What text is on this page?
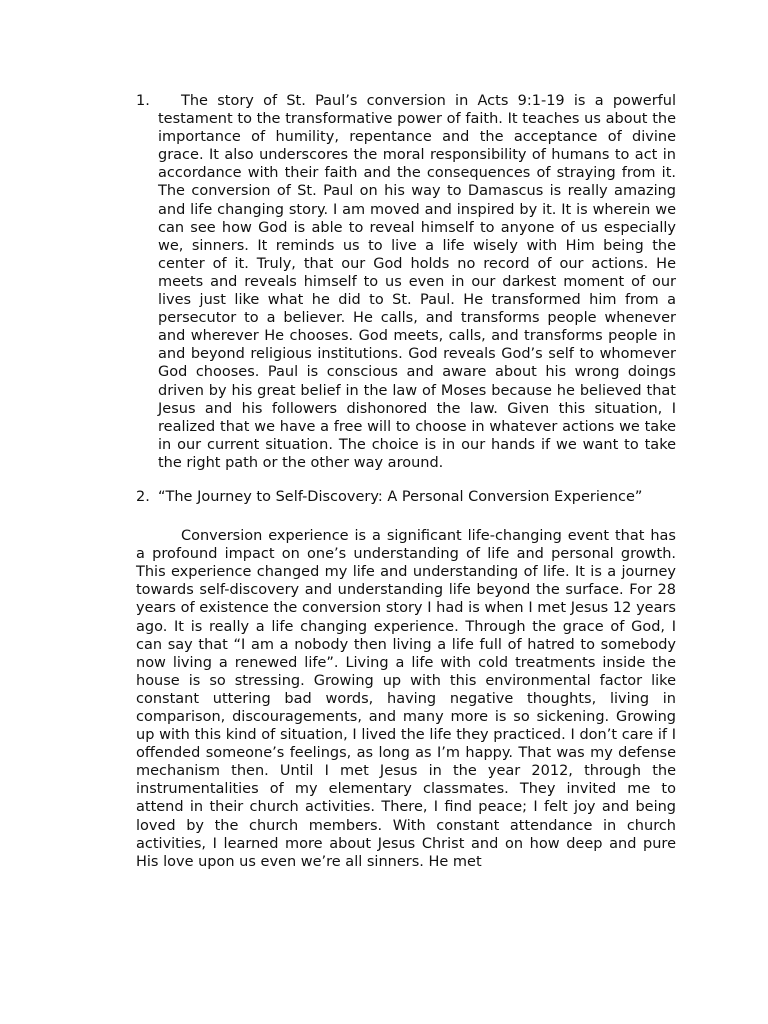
1. The story of St. Paul’s conversion in Acts 9:1-19 is a powerful testament to the transformative power of faith. It teaches us about the importance of humility, repentance and the acceptance of divine grace. It also underscores the moral responsibility of humans to act in accordance with their faith and the consequences of straying from it. The conversion of St. Paul on his way to Damascus is really amazing and life changing story. I am moved and inspired by it. It is wherein we can see how God is able to reveal himself to anyone of us especially we, sinners. It reminds us to live a life wisely with Him being the center of it. Truly, that our God holds no record of our actions. He meets and reveals himself to us even in our darkest moment of our lives just like what he did to St. Paul. He transformed him from a persecutor to a believer. He calls, and transforms people whenever and wherever He chooses. God meets, calls, and transforms people in and beyond religious institutions. God reveals God’s self to whomever God chooses. Paul is conscious and aware about his wrong doings driven by his great belief in the law of Moses because he believed that Jesus and his followers dishonored the law. Given this situation, I realized that we have a free will to choose in whatever actions we take in our current situation. The choice is in our hands if we want to take the right path or the other way around.
2. “The Journey to Self-Discovery: A Personal Conversion Experience”
Conversion experience is a significant life-changing event that has a profound impact on one’s understanding of life and personal growth. This experience changed my life and understanding of life. It is a journey towards self-discovery and understanding life beyond the surface. For 28 years of existence the conversion story I had is when I met Jesus 12 years ago. It is really a life changing experience. Through the grace of God, I can say that “I am a nobody then living a life full of hatred to somebody now living a renewed life”. Living a life with cold treatments inside the house is so stressing. Growing up with this environmental factor like constant uttering bad words, having negative thoughts, living in comparison, discouragements, and many more is so sickening. Growing up with this kind of situation, I lived the life they practiced. I don’t care if I offended someone’s feelings, as long as I’m happy. That was my defense mechanism then. Until I met Jesus in the year 2012, through the instrumentalities of my elementary classmates. They invited me to attend in their church activities. There, I find peace; I felt joy and being loved by the church members. With constant attendance in church activities, I learned more about Jesus Christ and on how deep and pure His love upon us even we’re all sinners. He met
